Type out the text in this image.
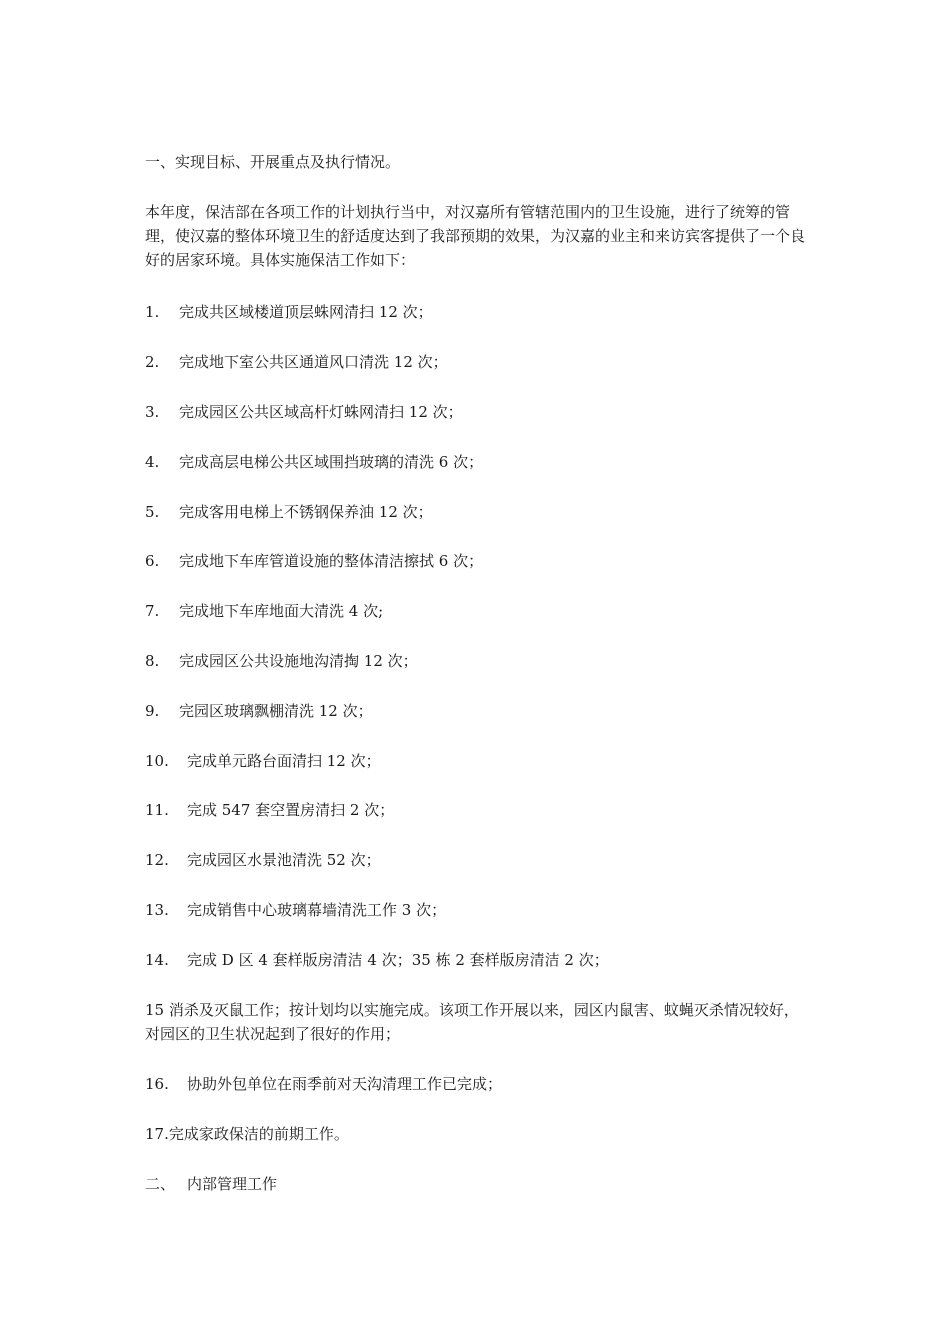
一、实现目标、开展重点及执行情况。
本年度，保洁部在各项工作的计划执行当中，对汉嘉所有管辖范围内的卫生设施，进行了统筹的管理，使汉嘉的整体环境卫生的舒适度达到了我部预期的效果，为汉嘉的业主和来访宾客提供了一个良好的居家环境。具体实施保洁工作如下：
1. 完成共区域楼道顶层蛛网清扫 12 次；
2. 完成地下室公共区通道风口清洗 12 次；
3. 完成园区公共区域高杆灯蛛网清扫 12 次；
4. 完成高层电梯公共区域围挡玻璃的清洗 6 次；
5. 完成客用电梯上不锈钢保养油 12 次；
6. 完成地下车库管道设施的整体清洁擦拭 6 次；
7. 完成地下车库地面大清洗 4 次;
8. 完成园区公共设施地沟清掏 12 次；
9. 完园区玻璃飘棚清洗 12 次；
10. 完成单元路台面清扫 12 次；
11. 完成 547 套空置房清扫 2 次；
12. 完成园区水景池清洗 52 次；
13. 完成销售中心玻璃幕墙清洗工作 3 次；
14. 完成 D 区 4 套样版房清洁 4 次；35 栋 2 套样版房清洁 2 次；
15 消杀及灭鼠工作；按计划均以实施完成。该项工作开展以来，园区内鼠害、蚊蝇灭杀情况较好，对园区的卫生状况起到了很好的作用；
16. 协助外包单位在雨季前对天沟清理工作已完成；
17.完成家政保洁的前期工作。
二、 内部管理工作
